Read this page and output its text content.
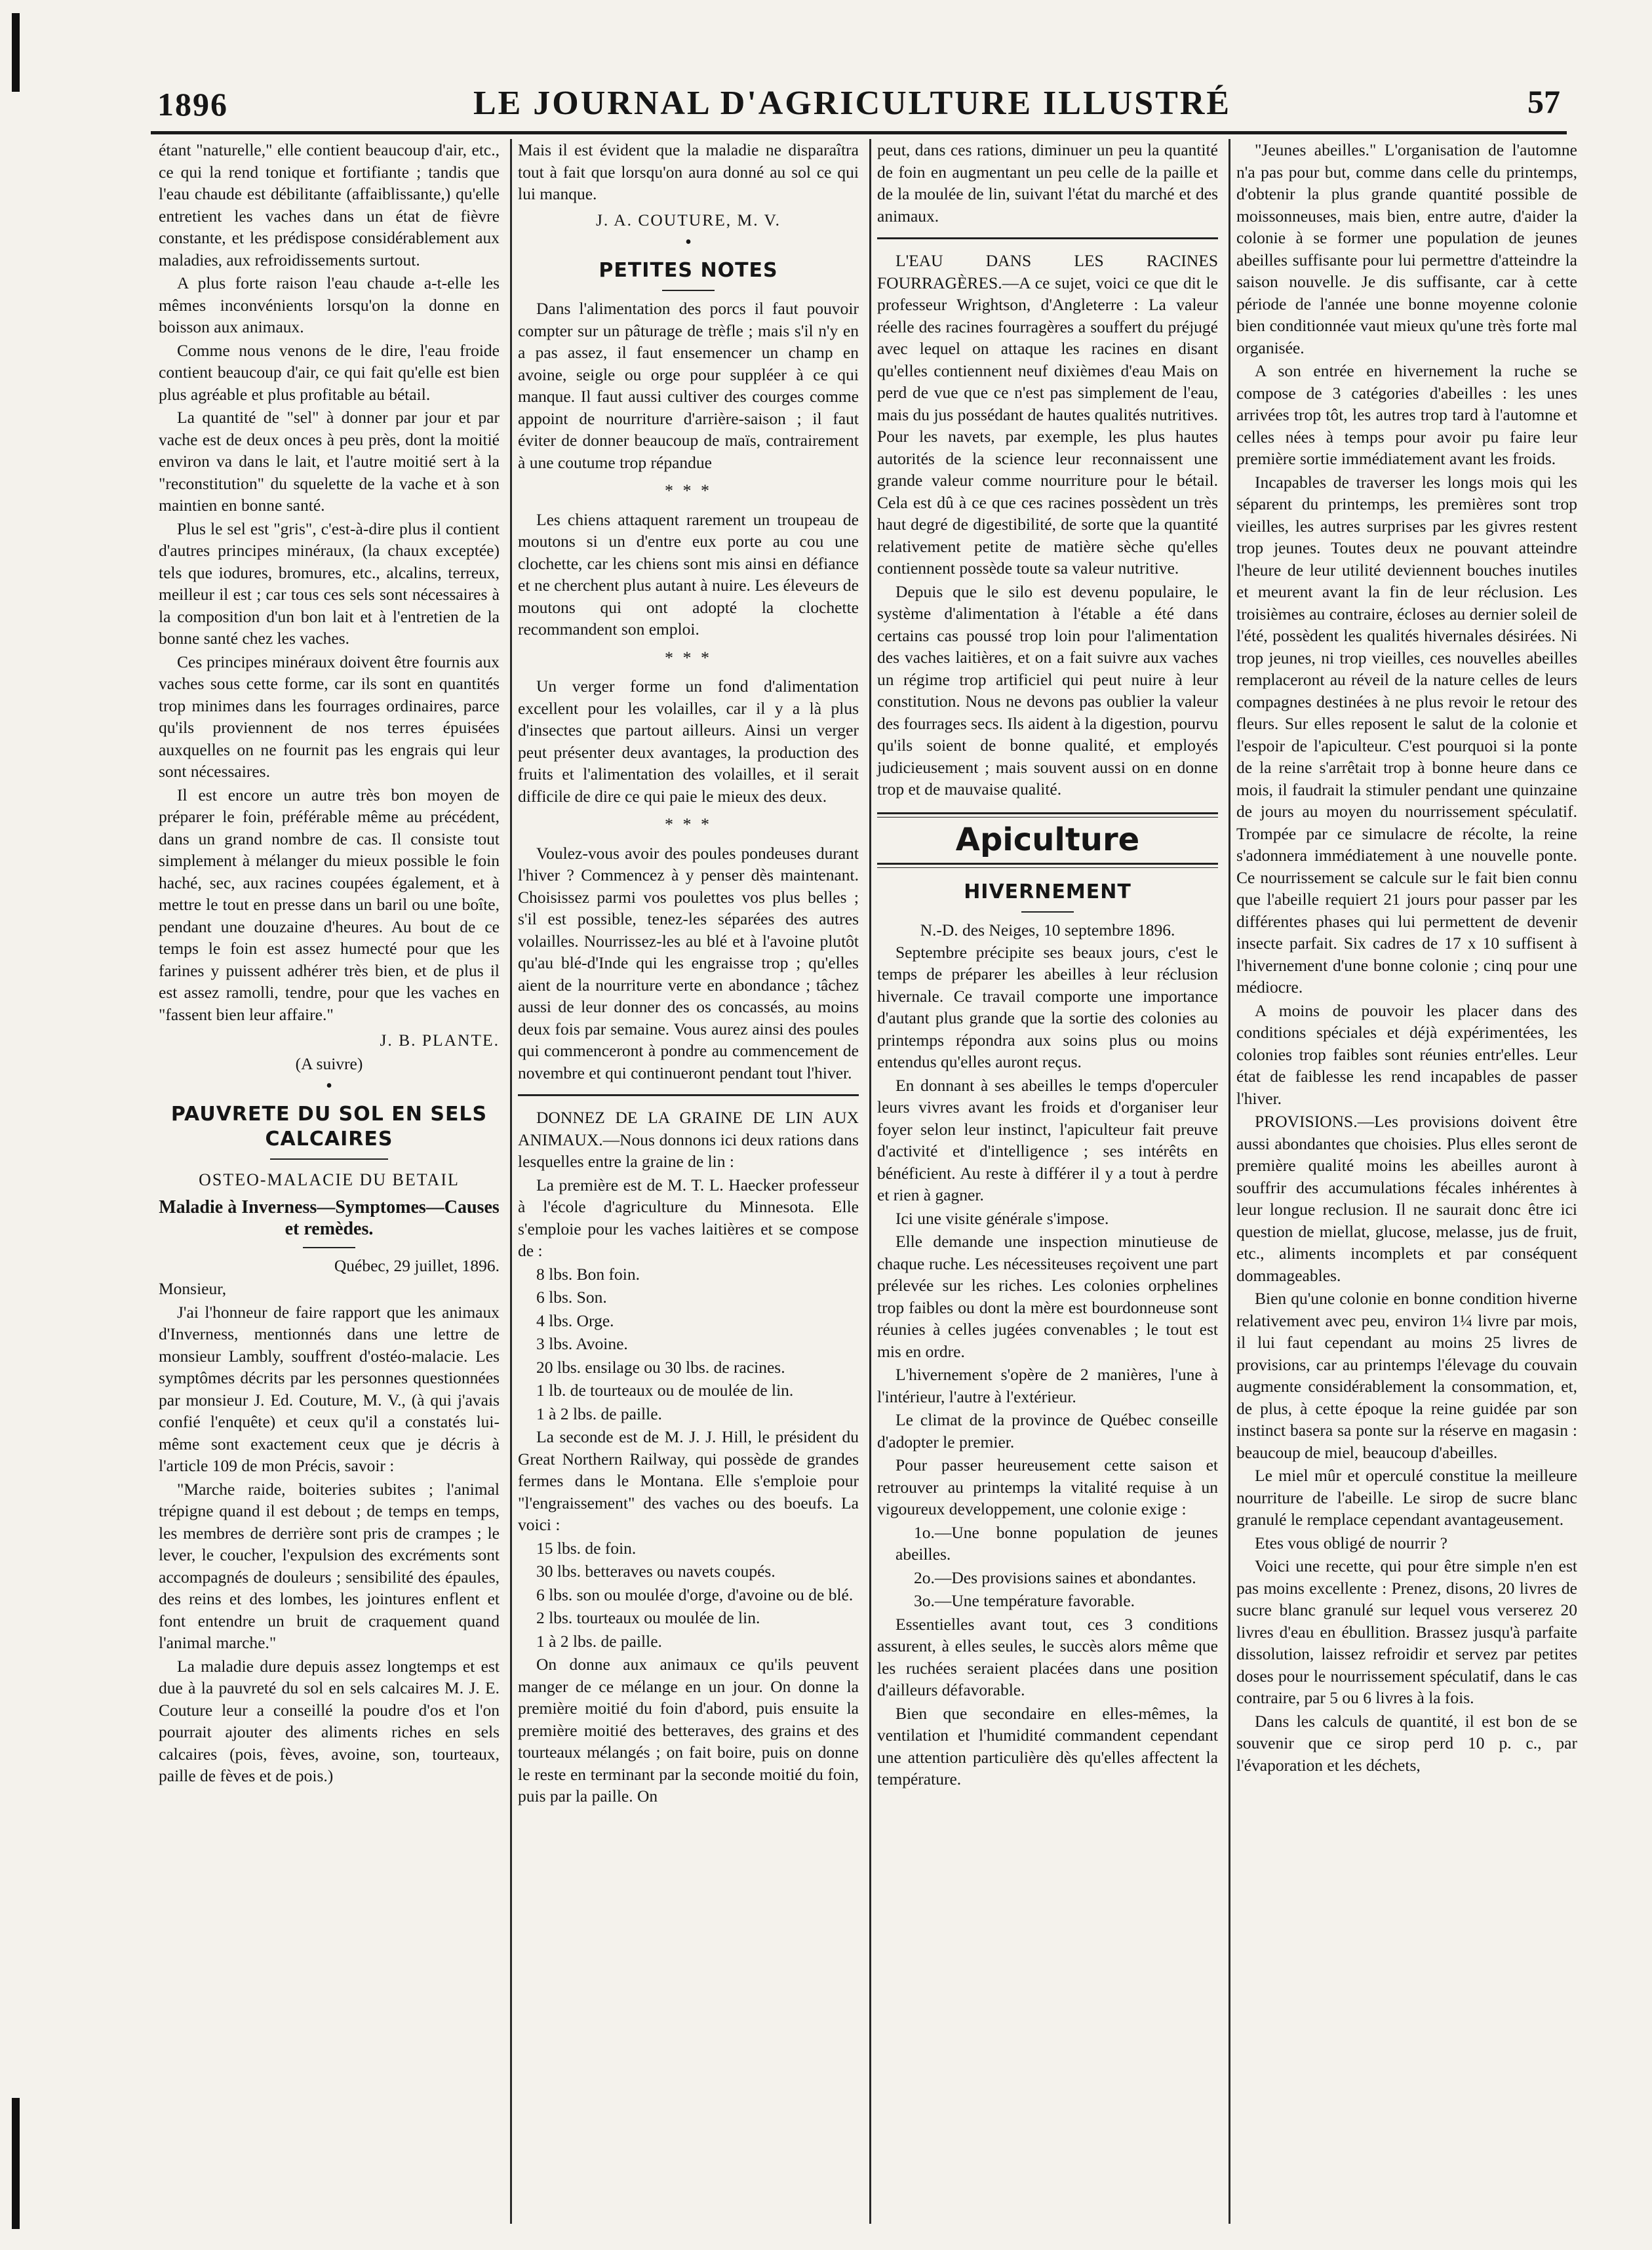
1896	LE JOURNAL D'AGRICULTURE ILLUSTRÉ	57

étant "naturelle," elle contient beaucoup d'air, etc., ce qui la rend tonique et fortifiante ; tandis que l'eau chaude est débilitante (affaiblissante,) qu'elle entretient les vaches dans un état de fièvre constante, et les prédispose considérablement aux maladies, aux refroidissements surtout.

A plus forte raison l'eau chaude a-t-elle les mêmes inconvénients lorsqu'on la donne en boisson aux animaux.

Comme nous venons de le dire, l'eau froide contient beaucoup d'air, ce qui fait qu'elle est bien plus agréable et plus profitable au bétail.

La quantité de "sel" à donner par jour et par vache est de deux onces à peu près, dont la moitié environ va dans le lait, et l'autre moitié sert à la "reconstitution" du squelette de la vache et à son maintien en bonne santé.

Plus le sel est "gris", c'est-à-dire plus il contient d'autres principes minéraux, (la chaux exceptée) tels que iodures, bromures, etc., alcalins, terreux, meilleur il est ; car tous ces sels sont nécessaires à la composition d'un bon lait et à l'entretien de la bonne santé chez les vaches.

Ces principes minéraux doivent être fournis aux vaches sous cette forme, car ils sont en quantités trop minimes dans les fourrages ordinaires, parce qu'ils proviennent de nos terres épuisées auxquelles on ne fournit pas les engrais qui leur sont nécessaires.

Il est encore un autre très bon moyen de préparer le foin, préférable même au précédent, dans un grand nombre de cas. Il consiste tout simplement à mélanger du mieux possible le foin haché, sec, aux racines coupées également, et à mettre le tout en presse dans un baril ou une boîte, pendant une douzaine d'heures. Au bout de ce temps le foin est assez humecté pour que les farines y puissent adhérer très bien, et de plus il est assez ramolli, tendre, pour que les vaches en "fassent bien leur affaire."

J. B. PLANTE.
(A suivre)
•
PAUVRETE DU SOL EN SELS CALCAIRES
OSTEO-MALACIE DU BETAIL
Maladie à Inverness—Symptomes—Causes et remèdes.
Québec, 29 juillet, 1896.

Monsieur,

J'ai l'honneur de faire rapport que les animaux d'Inverness, mentionnés dans une lettre de monsieur Lambly, souffrent d'ostéo-malacie. Les symptômes décrits par les personnes questionnées par monsieur J. Ed. Couture, M. V., (à qui j'avais confié l'enquête) et ceux qu'il a constatés lui-même sont exactement ceux que je décris à l'article 109 de mon Précis, savoir :

"Marche raide, boiteries subites ; l'animal trépigne quand il est debout ; de temps en temps, les membres de derrière sont pris de crampes ; le lever, le coucher, l'expulsion des excréments sont accompagnés de douleurs ; sensibilité des épaules, des reins et des lombes, les jointures enflent et font entendre un bruit de craquement quand l'animal marche."

La maladie dure depuis assez longtemps et est due à la pauvreté du sol en sels calcaires M. J. E. Couture leur a conseillé la poudre d'os et l'on pourrait ajouter des aliments riches en sels calcaires (pois, fèves, avoine, son, tourteaux, paille de fèves et de pois.)

Mais il est évident que la maladie ne disparaîtra tout à fait que lorsqu'on aura donné au sol ce qui lui manque.

J. A. COUTURE, M. V.
•
PETITES NOTES

Dans l'alimentation des porcs il faut pouvoir compter sur un pâturage de trèfle ; mais s'il n'y en a pas assez, il faut ensemencer un champ en avoine, seigle ou orge pour suppléer à ce qui manque. Il faut aussi cultiver des courges comme appoint de nourriture d'arrière-saison ; il faut éviter de donner beaucoup de maïs, contrairement à une coutume trop répandue

* * *

Les chiens attaquent rarement un troupeau de moutons si un d'entre eux porte au cou une clochette, car les chiens sont mis ainsi en défiance et ne cherchent plus autant à nuire. Les éleveurs de moutons qui ont adopté la clochette recommandent son emploi.

* * *

Un verger forme un fond d'alimentation excellent pour les volailles, car il y a là plus d'insectes que partout ailleurs. Ainsi un verger peut présenter deux avantages, la production des fruits et l'alimentation des volailles, et il serait difficile de dire ce qui paie le mieux des deux.

* * *

Voulez-vous avoir des poules pondeuses durant l'hiver ? Commencez à y penser dès maintenant. Choisissez parmi vos poulettes vos plus belles ; s'il est possible, tenez-les séparées des autres volailles. Nourrissez-les au blé et à l'avoine plutôt qu'au blé-d'Inde qui les engraisse trop ; qu'elles aient de la nourriture verte en abondance ; tâchez aussi de leur donner des os concassés, au moins deux fois par semaine. Vous aurez ainsi des poules qui commenceront à pondre au commencement de novembre et qui continueront pendant tout l'hiver.

DONNEZ DE LA GRAINE DE LIN AUX ANIMAUX.—Nous donnons ici deux rations dans lesquelles entre la graine de lin :

La première est de M. T. L. Haecker professeur à l'école d'agriculture du Minnesota. Elle s'emploie pour les vaches laitières et se compose de :

8 lbs. Bon foin.

6 lbs. Son.

4 lbs. Orge.

3 lbs. Avoine.

20 lbs. ensilage ou 30 lbs. de racines.

1 lb. de tourteaux ou de moulée de lin.

1 à 2 lbs. de paille.

La seconde est de M. J. J. Hill, le président du Great Northern Railway, qui possède de grandes fermes dans le Montana. Elle s'emploie pour "l'engraissement" des vaches ou des boeufs. La voici :

15 lbs. de foin.

30 lbs. betteraves ou navets coupés.

6 lbs. son ou moulée d'orge, d'avoine ou de blé.

2 lbs. tourteaux ou moulée de lin.

1 à 2 lbs. de paille.

On donne aux animaux ce qu'ils peuvent manger de ce mélange en un jour. On donne la première moitié du foin d'abord, puis ensuite la première moitié des betteraves, des grains et des tourteaux mélangés ; on fait boire, puis on donne le reste en terminant par la seconde moitié du foin, puis par la paille. On

peut, dans ces rations, diminuer un peu la quantité de foin en augmentant un peu celle de la paille et de la moulée de lin, suivant l'état du marché et des animaux.

L'EAU DANS LES RACINES FOURRAGÈRES.—A ce sujet, voici ce que dit le professeur Wrightson, d'Angleterre : La valeur réelle des racines fourragères a souffert du préjugé avec lequel on attaque les racines en disant qu'elles contiennent neuf dixièmes d'eau Mais on perd de vue que ce n'est pas simplement de l'eau, mais du jus possédant de hautes qualités nutritives. Pour les navets, par exemple, les plus hautes autorités de la science leur reconnaissent une grande valeur comme nourriture pour le bétail. Cela est dû à ce que ces racines possèdent un très haut degré de digestibilité, de sorte que la quantité relativement petite de matière sèche qu'elles contiennent possède toute sa valeur nutritive.

Depuis que le silo est devenu populaire, le système d'alimentation à l'étable a été dans certains cas poussé trop loin pour l'alimentation des vaches laitières, et on a fait suivre aux vaches un régime trop artificiel qui peut nuire à leur constitution. Nous ne devons pas oublier la valeur des fourrages secs. Ils aident à la digestion, pourvu qu'ils soient de bonne qualité, et employés judicieusement ; mais souvent aussi on en donne trop et de mauvaise qualité.

Apiculture
HIVERNEMENT
N.-D. des Neiges, 10 septembre 1896.

Septembre précipite ses beaux jours, c'est le temps de préparer les abeilles à leur réclusion hivernale. Ce travail comporte une importance d'autant plus grande que la sortie des colonies au printemps répondra aux soins plus ou moins entendus qu'elles auront reçus.

En donnant à ses abeilles le temps d'operculer leurs vivres avant les froids et d'organiser leur foyer selon leur instinct, l'apiculteur fait preuve d'activité et d'intelligence ; ses intérêts en bénéficient. Au reste à différer il y a tout à perdre et rien à gagner.

Ici une visite générale s'impose.

Elle demande une inspection minutieuse de chaque ruche. Les nécessiteuses reçoivent une part prélevée sur les riches. Les colonies orphelines trop faibles ou dont la mère est bourdonneuse sont réunies à celles jugées convenables ; le tout est mis en ordre.

L'hivernement s'opère de 2 manières, l'une à l'intérieur, l'autre à l'extérieur.

Le climat de la province de Québec conseille d'adopter le premier.

Pour passer heureusement cette saison et retrouver au printemps la vitalité requise à un vigoureux developpement, une colonie exige :

1o.—Une bonne population de jeunes abeilles.

2o.—Des provisions saines et abondantes.

3o.—Une température favorable.

Essentielles avant tout, ces 3 conditions assurent, à elles seules, le succès alors même que les ruchées seraient placées dans une position d'ailleurs défavorable.

Bien que secondaire en elles-mêmes, la ventilation et l'humidité commandent cependant une attention particulière dès qu'elles affectent la température.

"Jeunes abeilles." L'organisation de l'automne n'a pas pour but, comme dans celle du printemps, d'obtenir la plus grande quantité possible de moissonneuses, mais bien, entre autre, d'aider la colonie à se former une population de jeunes abeilles suffisante pour lui permettre d'atteindre la saison nouvelle. Je dis suffisante, car à cette période de l'année une bonne moyenne colonie bien conditionnée vaut mieux qu'une très forte mal organisée.

A son entrée en hivernement la ruche se compose de 3 catégories d'abeilles : les unes arrivées trop tôt, les autres trop tard à l'automne et celles nées à temps pour avoir pu faire leur première sortie immédiatement avant les froids.

Incapables de traverser les longs mois qui les séparent du printemps, les premières sont trop vieilles, les autres surprises par les givres restent trop jeunes. Toutes deux ne pouvant atteindre l'heure de leur utilité deviennent bouches inutiles et meurent avant la fin de leur réclusion. Les troisièmes au contraire, écloses au dernier soleil de l'été, possèdent les qualités hivernales désirées. Ni trop jeunes, ni trop vieilles, ces nouvelles abeilles remplaceront au réveil de la nature celles de leurs compagnes destinées à ne plus revoir le retour des fleurs. Sur elles reposent le salut de la colonie et l'espoir de l'apiculteur. C'est pourquoi si la ponte de la reine s'arrêtait trop à bonne heure dans ce mois, il faudrait la stimuler pendant une quinzaine de jours au moyen du nourrissement spéculatif. Trompée par ce simulacre de récolte, la reine s'adonnera immédiatement à une nouvelle ponte. Ce nourrissement se calcule sur le fait bien connu que l'abeille requiert 21 jours pour passer par les différentes phases qui lui permettent de devenir insecte parfait. Six cadres de 17 x 10 suffisent à l'hivernement d'une bonne colonie ; cinq pour une médiocre.

A moins de pouvoir les placer dans des conditions spéciales et déjà expérimentées, les colonies trop faibles sont réunies entr'elles. Leur état de faiblesse les rend incapables de passer l'hiver.

PROVISIONS.—Les provisions doivent être aussi abondantes que choisies. Plus elles seront de première qualité moins les abeilles auront à souffrir des accumulations fécales inhérentes à leur longue reclusion. Il ne saurait donc être ici question de miellat, glucose, melasse, jus de fruit, etc., aliments incomplets et par conséquent dommageables.

Bien qu'une colonie en bonne condition hiverne relativement avec peu, environ 1¼ livre par mois, il lui faut cependant au moins 25 livres de provisions, car au printemps l'élevage du couvain augmente considérablement la consommation, et, de plus, à cette époque la reine guidée par son instinct basera sa ponte sur la réserve en magasin : beaucoup de miel, beaucoup d'abeilles.

Le miel mûr et operculé constitue la meilleure nourriture de l'abeille. Le sirop de sucre blanc granulé le remplace cependant avantageusement.

Etes vous obligé de nourrir ?

Voici une recette, qui pour être simple n'en est pas moins excellente : Prenez, disons, 20 livres de sucre blanc granulé sur lequel vous verserez 20 livres d'eau en ébullition. Brassez jusqu'à parfaite dissolution, laissez refroidir et servez par petites doses pour le nourrissement spéculatif, dans le cas contraire, par 5 ou 6 livres à la fois.

Dans les calculs de quantité, il est bon de se souvenir que ce sirop perd 10 p. c., par l'évaporation et les déchets,
